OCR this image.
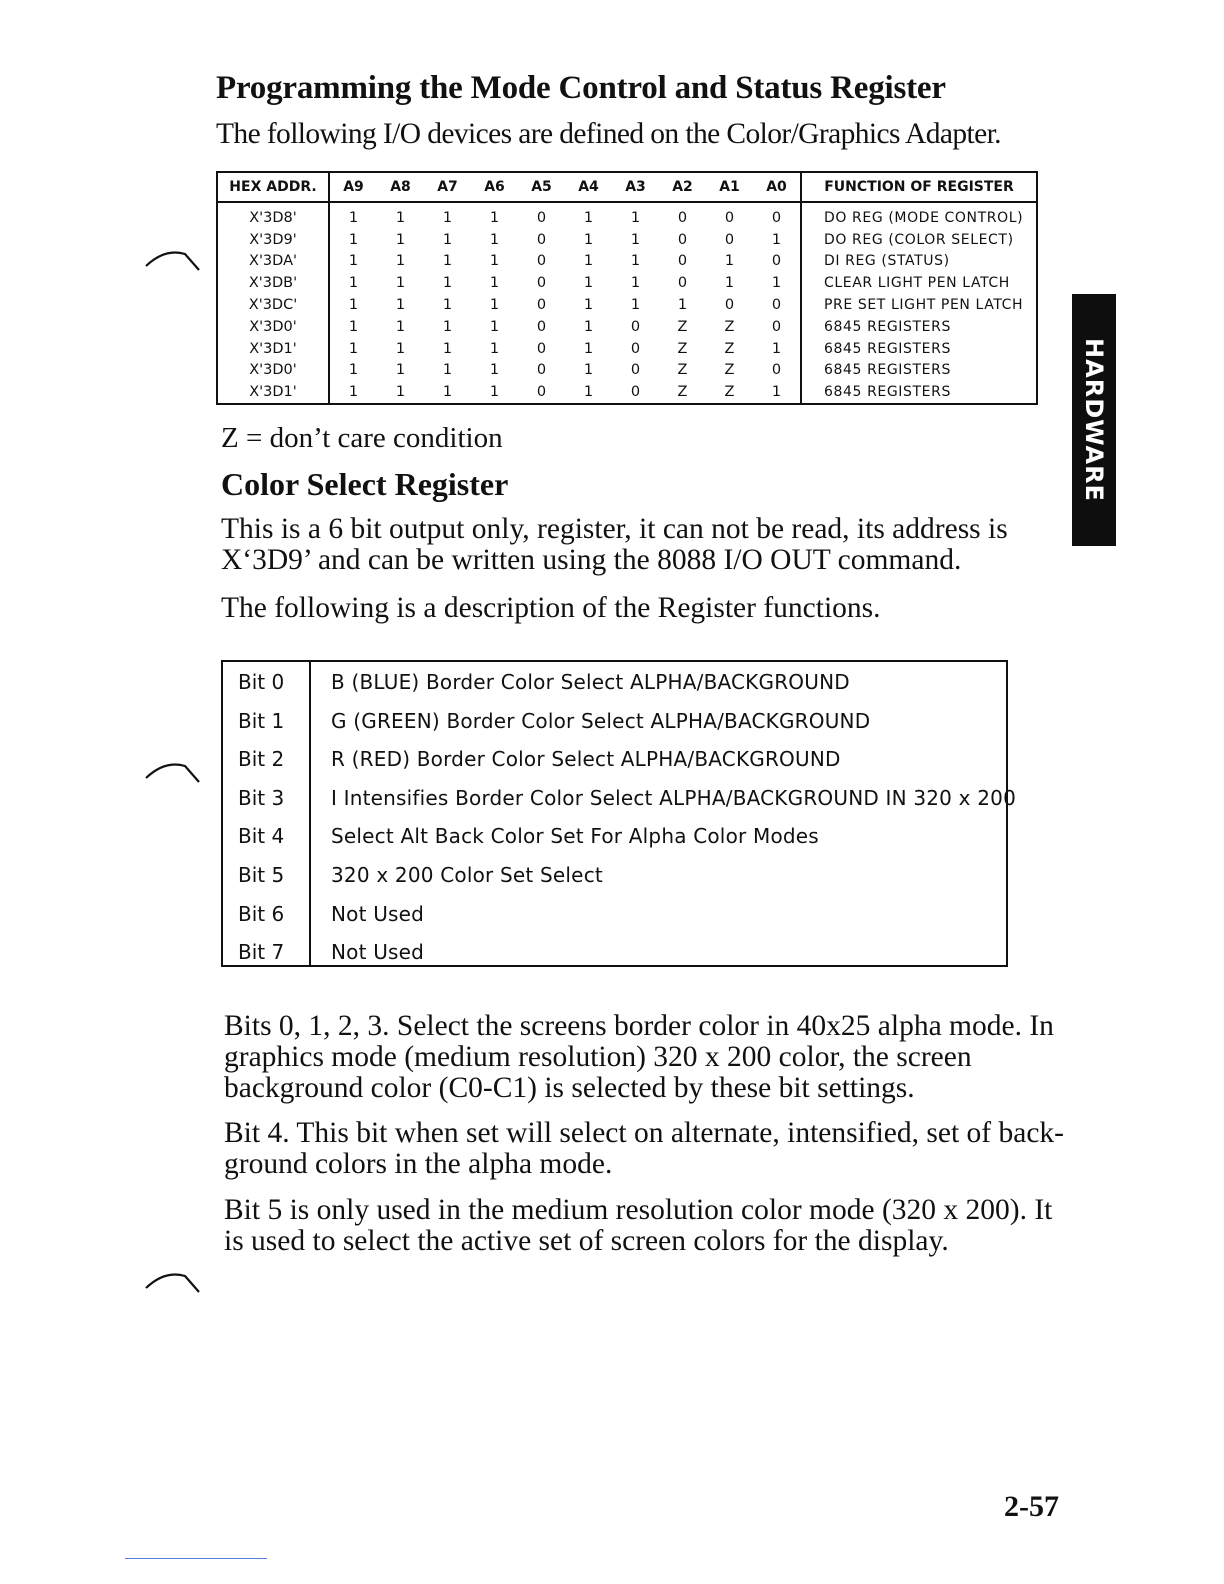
Programming the Mode Control and Status Register

The following I/O devices are defined on the Color/Graphics Adapter.

HEX ADDR.	A9	A8	A7	A6	A5	A4	A3	A2	A1	A0	FUNCTION OF REGISTER
X'3D8'	1	1	1	1	0	1	1	0	0	0	DO REG (MODE CONTROL)
X'3D9'	1	1	1	1	0	1	1	0	0	1	DO REG (COLOR SELECT)
X'3DA'	1	1	1	1	0	1	1	0	1	0	DI REG (STATUS)
X'3DB'	1	1	1	1	0	1	1	0	1	1	CLEAR LIGHT PEN LATCH
X'3DC'	1	1	1	1	0	1	1	1	0	0	PRE SET LIGHT PEN LATCH
X'3D0'	1	1	1	1	0	1	0	Z	Z	0	6845 REGISTERS
X'3D1'	1	1	1	1	0	1	0	Z	Z	1	6845 REGISTERS
X'3D0'	1	1	1	1	0	1	0	Z	Z	0	6845 REGISTERS
X'3D1'	1	1	1	1	0	1	0	Z	Z	1	6845 REGISTERS

Z = don’t care condition

Color Select Register

This is a 6 bit output only, register, it can not be read, its address is X‘3D9’ and can be written using the 8088 I/O OUT command.

The following is a description of the Register functions.

Bit 0 B (BLUE) Border Color Select ALPHA/BACKGROUND
Bit 1 G (GREEN) Border Color Select ALPHA/BACKGROUND
Bit 2 R (RED) Border Color Select ALPHA/BACKGROUND
Bit 3 I Intensifies Border Color Select ALPHA/BACKGROUND IN 320 x 200
Bit 4 Select Alt Back Color Set For Alpha Color Modes
Bit 5 320 x 200 Color Set Select
Bit 6 Not Used
Bit 7 Not Used

Bits 0, 1, 2, 3. Select the screens border color in 40x25 alpha mode. In graphics mode (medium resolution) 320 x 200 color, the screen background color (C0-C1) is selected by these bit settings.

Bit 4. This bit when set will select on alternate, intensified, set of back-ground colors in the alpha mode.

Bit 5 is only used in the medium resolution color mode (320 x 200). It is used to select the active set of screen colors for the display.

2-57

HARDWARE
